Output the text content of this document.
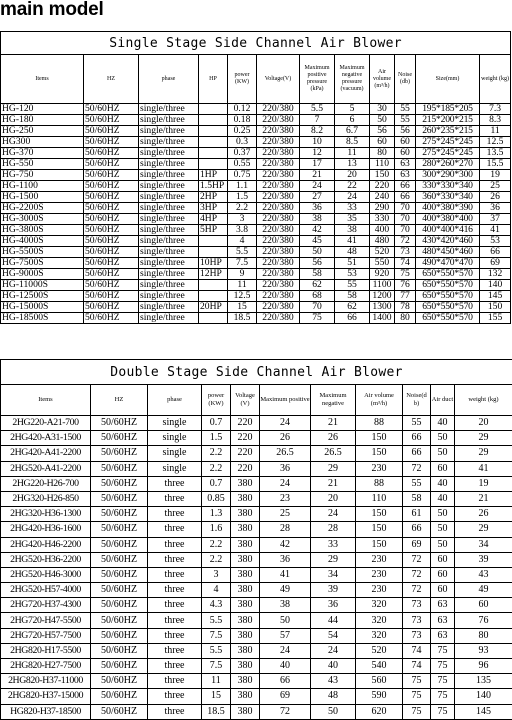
main model
Single Stage Side Channel Air Blower											
Items	HZ	phase	HP	power (KW)	Voltage(V)	Maximum positive pressure (kPa)	Maximum negative pressure (vacuum)	Air volume (m³/h)	Noise (db)	Size(mm)	weight (kg)
HG-120	50/60HZ	single/three		0.12	220/380	5.5	5	30	55	195*185*205	7.3
HG-180	50/60HZ	single/three		0.18	220/380	7	6	50	55	215*200*215	8.3
HG-250	50/60HZ	single/three		0.25	220/380	8.2	6.7	56	56	260*235*215	11
HG300	50/60HZ	single/three		0.3	220/380	10	8.5	60	60	275*245*245	12.5
HG-370	50/60HZ	single/three		0.37	220/380	12	11	80	60	275*245*245	13.5
HG-550	50/60HZ	single/three		0.55	220/380	17	13	110	63	280*260*270	15.5
HG-750	50/60HZ	single/three	1HP	0.75	220/380	21	20	150	63	300*290*300	19
HG-1100	50/60HZ	single/three	1.5HP	1.1	220/380	24	22	220	66	330*330*340	25
HG-1500	50/60HZ	single/three	2HP	1.5	220/380	27	24	240	66	360*330*340	26
HG-2200S	50/60HZ	single/three	3HP	2.2	220/380	36	33	290	70	400*380*390	36
HG-3000S	50/60HZ	single/three	4HP	3	220/380	38	35	330	70	400*380*400	37
HG-3800S	50/60HZ	single/three	5HP	3.8	220/380	42	38	400	70	400*400*416	41
HG-4000S	50/60HZ	single/three		4	220/380	45	41	480	72	430*420*460	53
HG-5500S	50/60HZ	single/three		5.5	220/380	50	48	520	73	480*450*460	66
HG-7500S	50/60HZ	single/three	10HP	7.5	220/380	56	51	550	74	490*470*470	69
HG-9000S	50/60HZ	single/three	12HP	9	220/380	58	53	920	75	650*550*570	132
HG-11000S	50/60HZ	single/three		11	220/380	62	55	1100	76	650*550*570	140
HG-12500S	50/60HZ	single/three		12.5	220/380	68	58	1200	77	650*550*570	145
HG-15000S	50/60HZ	single/three	20HP	15	220/380	70	62	1300	78	650*550*570	150
HG-18500S	50/60HZ	single/three		18.5	220/380	75	66	1400	80	650*550*570	155
Double Stage Side Channel Air Blower										
Items	HZ	phase	power (KW)	Voltage (V)	Maximum positive	Maximum negative	Air volume (m³/h)	Noise(d b)	Air duct	weight (kg)
2HG220-A21-700	50/60HZ	single	0.7	220	24	21	88	55	40	20
2HG420-A31-1500	50/60HZ	single	1.5	220	26	26	150	66	50	29
2HG420-A41-2200	50/60HZ	single	2.2	220	26.5	26.5	150	66	50	29
2HG520-A41-2200	50/60HZ	single	2.2	220	36	29	230	72	60	41
2HG220-H26-700	50/60HZ	three	0.7	380	24	21	88	55	40	19
2HG320-H26-850	50/60HZ	three	0.85	380	23	20	110	58	40	21
2HG320-H36-1300	50/60HZ	three	1.3	380	25	24	150	61	50	26
2HG420-H36-1600	50/60HZ	three	1.6	380	28	28	150	66	50	29
2HG420-H46-2200	50/60HZ	three	2.2	380	42	33	150	69	50	34
2HG520-H36-2200	50/60HZ	three	2.2	380	36	29	230	72	60	39
2HG520-H46-3000	50/60HZ	three	3	380	41	34	230	72	60	43
2HG520-H57-4000	50/60HZ	three	4	380	49	39	230	72	60	49
2HG720-H37-4300	50/60HZ	three	4.3	380	38	36	320	73	63	60
2HG720-H47-5500	50/60HZ	three	5.5	380	50	44	320	73	63	76
2HG720-H57-7500	50/60HZ	three	7.5	380	57	54	320	73	63	80
2HG820-H17-5500	50/60HZ	three	5.5	380	24	24	520	74	75	93
2HG820-H27-7500	50/60HZ	three	7.5	380	40	40	540	74	75	96
2HG820-H37-11000	50/60HZ	three	11	380	66	43	560	75	75	135
2HG820-H37-15000	50/60HZ	three	15	380	69	48	590	75	75	140
HG820-H37-18500	50/60HZ	three	18.5	380	72	50	620	75	75	145
